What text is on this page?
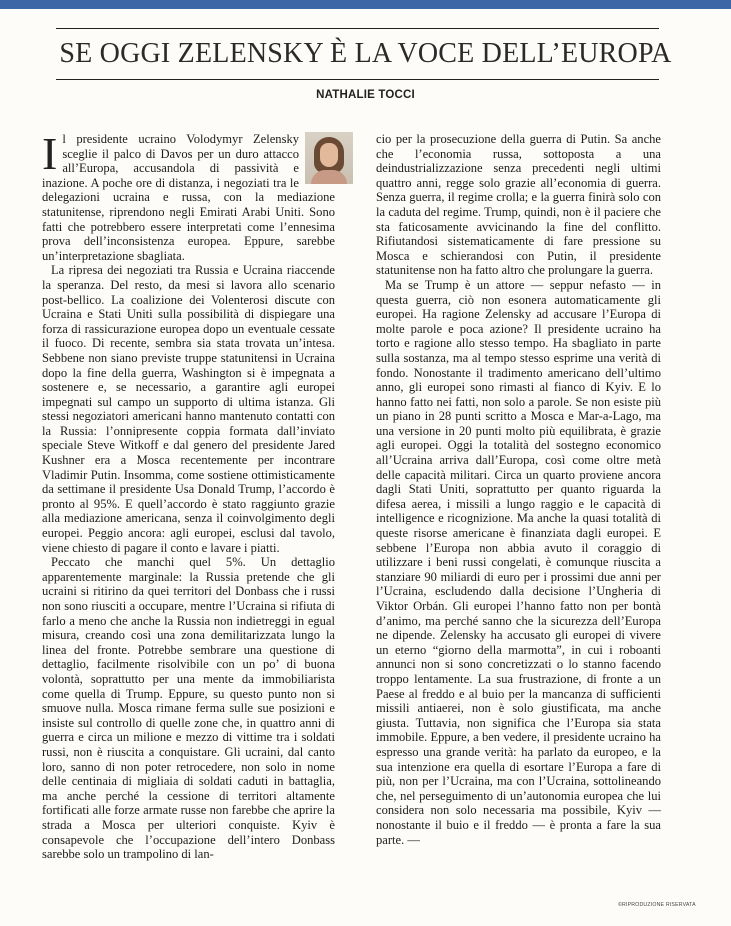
SE OGGI ZELENSKY È LA VOCE DELL’EUROPA
NATHALIE TOCCI

Il presidente ucraino Volodymyr Zelensky sceglie il palco di Davos per un duro attacco all’Europa, accusandola di passività e inazione. A poche ore di distanza, i negoziati tra le delegazioni ucraina e russa, con la mediazione statunitense, riprendono negli Emirati Arabi Uniti. Sono fatti che potrebbero essere interpretati come l’ennesima prova dell’inconsistenza europea. Eppure, sarebbe un’interpretazione sbagliata.

La ripresa dei negoziati tra Russia e Ucraina riaccende la speranza. Del resto, da mesi si lavora allo scenario post-bellico. La coalizione dei Volenterosi discute con Ucraina e Stati Uniti sulla possibilità di dispiegare una forza di rassicurazione europea dopo un eventuale cessate il fuoco. Di recente, sembra sia stata trovata un’intesa. Sebbene non siano previste truppe statunitensi in Ucraina dopo la fine della guerra, Washington si è impegnata a sostenere e, se necessario, a garantire agli europei impegnati sul campo un supporto di ultima istanza. Gli stessi negoziatori americani hanno mantenuto contatti con la Russia: l’onnipresente coppia formata dall’inviato speciale Steve Witkoff e dal genero del presidente Jared Kushner era a Mosca recentemente per incontrare Vladimir Putin. Insomma, come sostiene ottimisticamente da settimane il presidente Usa Donald Trump, l’accordo è pronto al 95%. E quell’accordo è stato raggiunto grazie alla mediazione americana, senza il coinvolgimento degli europei. Peggio ancora: agli europei, esclusi dal tavolo, viene chiesto di pagare il conto e lavare i piatti.

Peccato che manchi quel 5%. Un dettaglio apparentemente marginale: la Russia pretende che gli ucraini si ritirino da quei territori del Donbass che i russi non sono riusciti a occupare, mentre l’Ucraina si rifiuta di farlo a meno che anche la Russia non indietreggi in egual misura, creando così una zona demilitarizzata lungo la linea del fronte. Potrebbe sembrare una questione di dettaglio, facilmente risolvibile con un po’ di buona volontà, soprattutto per una mente da immobiliarista come quella di Trump. Eppure, su questo punto non si smuove nulla. Mosca rimane ferma sulle sue posizioni e insiste sul controllo di quelle zone che, in quattro anni di guerra e circa un milione e mezzo di vittime tra i soldati russi, non è riuscita a conquistare. Gli ucraini, dal canto loro, sanno di non poter retrocedere, non solo in nome delle centinaia di migliaia di soldati caduti in battaglia, ma anche perché la cessione di territori altamente fortificati alle forze armate russe non farebbe che aprire la strada a Mosca per ulteriori conquiste. Kyiv è consapevole che l’occupazione dell’intero Donbass sarebbe solo un trampolino di lan-

cio per la prosecuzione della guerra di Putin. Sa anche che l’economia russa, sottoposta a una deindustrializzazione senza precedenti negli ultimi quattro anni, regge solo grazie all’economia di guerra. Senza guerra, il regime crolla; e la guerra finirà solo con la caduta del regime. Trump, quindi, non è il paciere che sta faticosamente avvicinando la fine del conflitto. Rifiutandosi sistematicamente di fare pressione su Mosca e schierandosi con Putin, il presidente statunitense non ha fatto altro che prolungare la guerra.

Ma se Trump è un attore — seppur nefasto — in questa guerra, ciò non esonera automaticamente gli europei. Ha ragione Zelensky ad accusare l’Europa di molte parole e poca azione? Il presidente ucraino ha torto e ragione allo stesso tempo. Ha sbagliato in parte sulla sostanza, ma al tempo stesso esprime una verità di fondo. Nonostante il tradimento americano dell’ultimo anno, gli europei sono rimasti al fianco di Kyiv. E lo hanno fatto nei fatti, non solo a parole. Se non esiste più un piano in 28 punti scritto a Mosca e Mar-a-Lago, ma una versione in 20 punti molto più equilibrata, è grazie agli europei. Oggi la totalità del sostegno economico all’Ucraina arriva dall’Europa, così come oltre metà delle capacità militari. Circa un quarto proviene ancora dagli Stati Uniti, soprattutto per quanto riguarda la difesa aerea, i missili a lungo raggio e le capacità di intelligence e ricognizione. Ma anche la quasi totalità di queste risorse americane è finanziata dagli europei. E sebbene l’Europa non abbia avuto il coraggio di utilizzare i beni russi congelati, è comunque riuscita a stanziare 90 miliardi di euro per i prossimi due anni per l’Ucraina, escludendo dalla decisione l’Ungheria di Viktor Orbán. Gli europei l’hanno fatto non per bontà d’animo, ma perché sanno che la sicurezza dell’Europa ne dipende. Zelensky ha accusato gli europei di vivere un eterno “giorno della marmotta”, in cui i roboanti annunci non si sono concretizzati o lo stanno facendo troppo lentamente. La sua frustrazione, di fronte a un Paese al freddo e al buio per la mancanza di sufficienti missili antiaerei, non è solo giustificata, ma anche giusta. Tuttavia, non significa che l’Europa sia stata immobile. Eppure, a ben vedere, il presidente ucraino ha espresso una grande verità: ha parlato da europeo, e la sua intenzione era quella di esortare l’Europa a fare di più, non per l’Ucraina, ma con l’Ucraina, sottolineando che, nel perseguimento di un’autonomia europea che lui considera non solo necessaria ma possibile, Kyiv — nonostante il buio e il freddo — è pronta a fare la sua parte. —

©RIPRODUZIONE RISERVATA
